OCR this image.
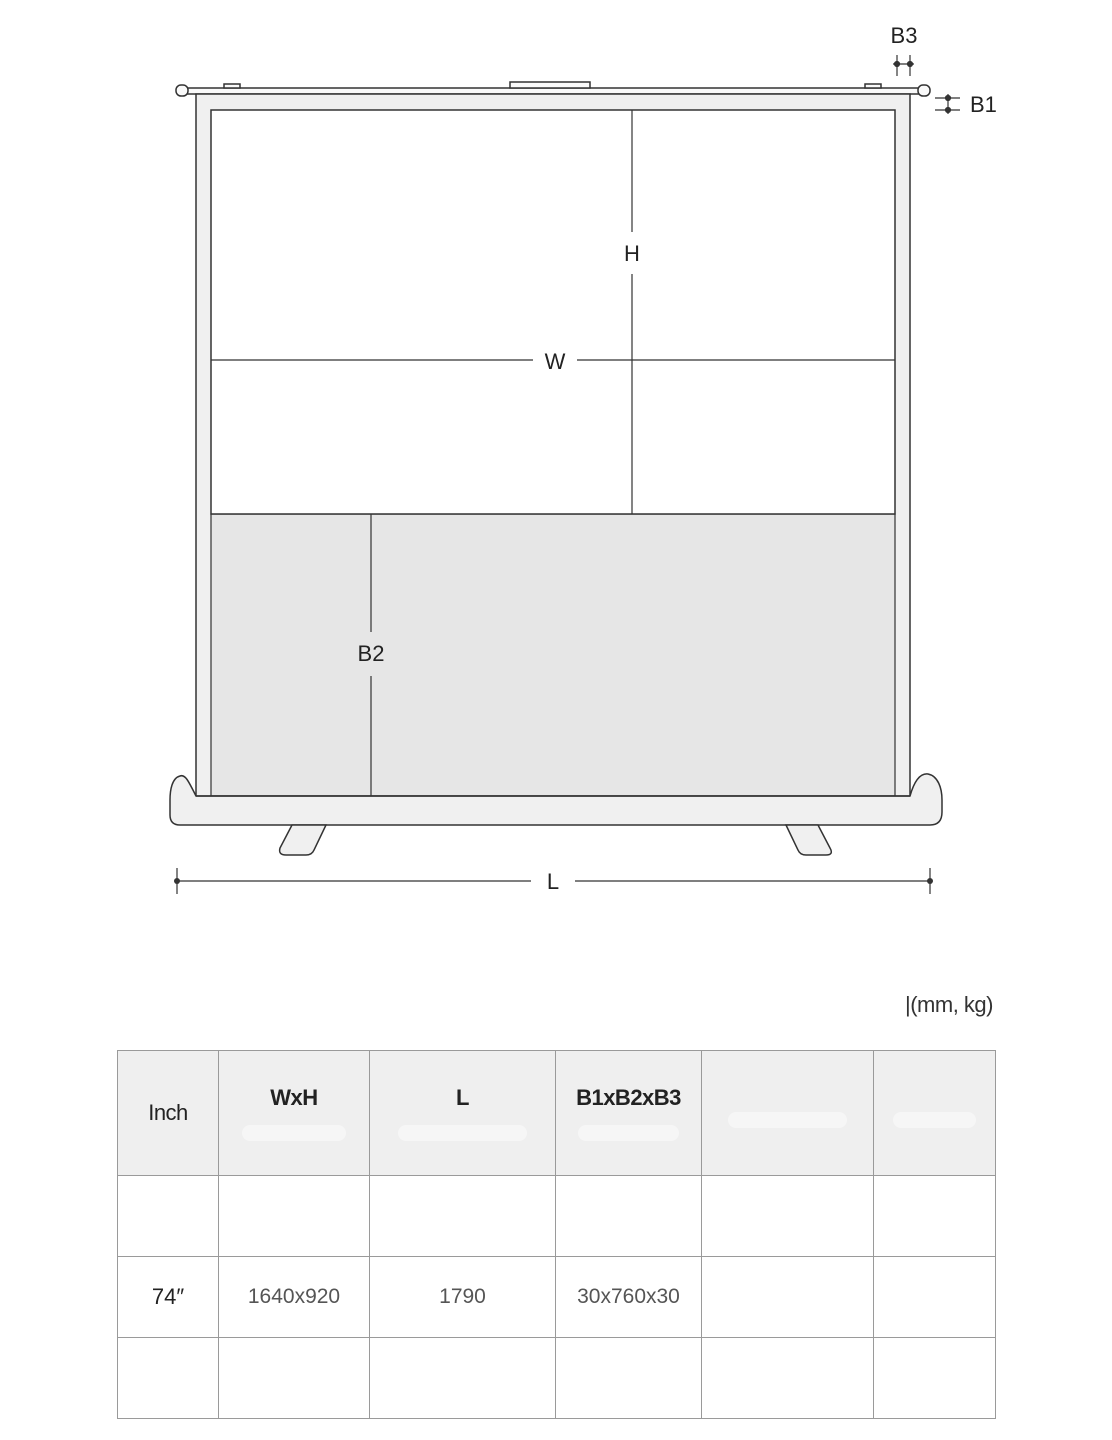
H
W
B2
L
B3
B1
|(mm, kg)
Inch	WxH	L	B1xB2xB3		

74″	1640x920	1790	30x760x30		
